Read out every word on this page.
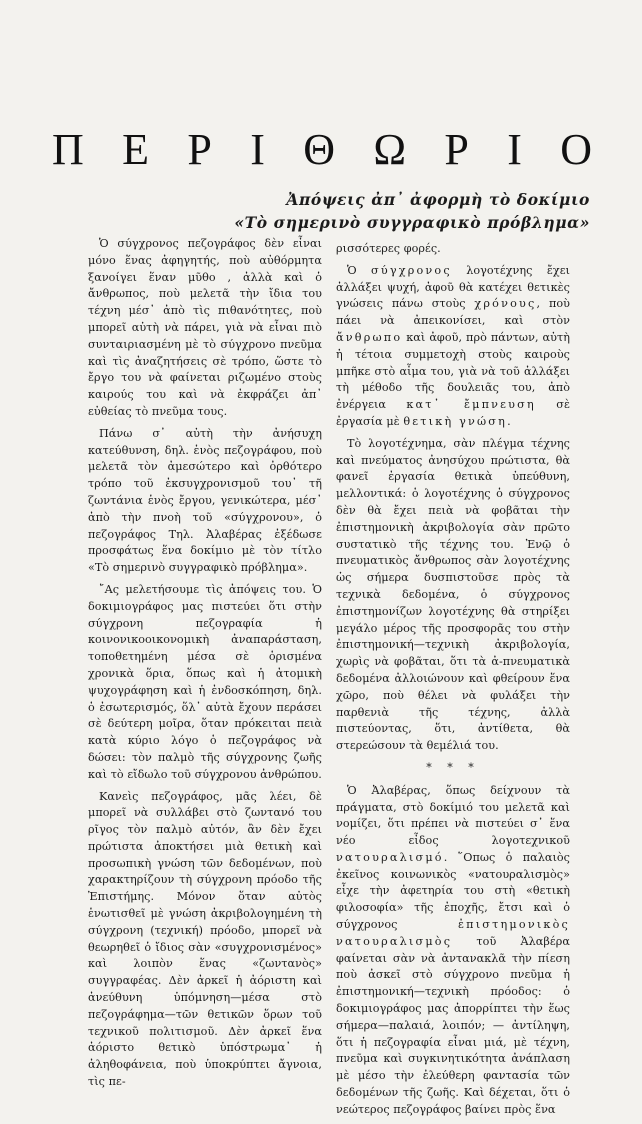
Π Ε Ρ Ι Θ Ω Ρ Ι Ο
Ἀπόψεις ἀπ᾽ ἀφορμὴ τὸ δοκίμιο
«Τὸ σημερινὸ συγγραφικὸ πρόβλημα»

Ὁ σύγχρονος πεζογράφος δὲν εἶναι μόνο ἕνας ἀφηγητής, ποὺ αὐθόρμητα ξανοίγει ἕναν μῦθο , ἀλλὰ καὶ ὁ ἄνθρωπος, ποὺ μελετᾶ τὴν ἴδια του τέχνη μέσ᾽ ἀπὸ τὶς πιθανότητες, ποὺ μπορεῖ αὐτὴ νὰ πάρει, γιὰ νὰ εἶναι πιὸ συνταιριασμένη μὲ τὸ σύγχρονο πνεῦμα καὶ τὶς ἀναζητήσεις σὲ τρόπο, ὥστε τὸ ἔργο του νὰ φαίνεται ριζωμένο στοὺς καιρούς του καὶ νὰ ἐκφράζει ἀπ᾽ εὐθείας τὸ πνεῦμα τους.

Πάνω σ᾽ αὐτὴ τὴν ἀνήσυχη κατεύθυνση, δηλ. ἑνὸς πεζογράφου, ποὺ μελετᾶ τὸν ἀμεσώτερο καὶ ὀρθότερο τρόπο τοῦ ἐκσυγχρονισμοῦ του᾽ τῆ ζωντάνια ἑνὸς ἔργου, γενικώτερα, μέσ᾽ ἀπὸ τὴν πνοὴ τοῦ «σύγχρονου», ὁ πεζογράφος Τηλ. Ἀλαβέρας ἐξέδωσε προσφάτως ἕνα δοκίμιο μὲ τὸν τίτλο «Τὸ σημερινὸ συγγραφικὸ πρόβλημα».

῎Ας μελετήσουμε τὶς ἀπόψεις του. Ὁ δοκιμιογράφος μας πιστεύει ὅτι στὴν σύγχρονη πεζογραφία ἡ κοινονικοοικονομικὴ ἀναπαράσταση, τοποθετημένη μέσα σὲ ὁρισμένα χρονικὰ ὅρια, ὅπως καὶ ἡ ἀτομικὴ ψυχογράφηση καὶ ἡ ἐνδοσκόπηση, δηλ. ὁ ἐσωτερισμός, ὅλ᾽ αὐτὰ ἔχουν περάσει σὲ δεύτερη μοῖρα, ὅταν πρόκειται πειὰ κατὰ κύριο λόγο ὁ πεζογράφος νὰ δώσει: τὸν παλμὸ τῆς σύγχρονης ζωῆς καὶ τὸ εἴδωλο τοῦ σύγχρονου ἀνθρώπου.

Κανεὶς πεζογράφος, μᾶς λέει, δὲ μπορεῖ νὰ συλλάβει στὸ ζωντανό του ρῖγος τὸν παλμὸ αὐτόν, ἂν δὲν ἔχει πρώτιστα ἀποκτήσει μιὰ θετικὴ καὶ προσωπικὴ γνώση τῶν δεδομένων, ποὺ χαρακτηρίζουν τὴ σύγχρονη πρόοδο τῆς Ἐπιστήμης. Μόνον ὅταν αὐτὸς ἑνωτισθεῖ μὲ γνώση ἀκριβολογημένη τὴ σύγχρονη (τεχνική) πρόοδο, μπορεῖ νὰ θεωρηθεῖ ὁ ἴδιος σὰν «συγχρονισμένος» καὶ λοιπὸν ἕνας «ζωντανὸς» συγγραφέας. Δὲν ἀρκεῖ ἡ ἀόριστη καὶ ἀνεύθυνη ὑπόμνηση—μέσα στὸ πεζογράφημα—τῶν θετικῶν ὅρων τοῦ τεχνικοῦ πολιτισμοῦ. Δὲν ἀρκεῖ ἕνα ἀόριστο θετικὸ ὑπόστρωμα᾽ ἡ ἀληθοφάνεια, ποὺ ὑποκρύπτει ἄγνοια, τὶς πε-

ρισσότερες φορές.

Ὁ σύγχρονος λογοτέχνης ἔχει ἀλλάξει ψυχή, ἀφοῦ θὰ κατέχει θετικὲς γνώσεις πάνω στοὺς χρόνους, ποὺ πάει νὰ ἀπεικονίσει, καὶ στὸν ἄνθρωπο καὶ ἀφοῦ, πρὸ πάντων, αὐτὴ ἡ τέτοια συμμετοχὴ στοὺς καιροὺς μπῆκε στὸ αἷμα του, γιὰ νὰ τοῦ ἀλλάξει τὴ μέθοδο τῆς δουλειᾶς του, ἀπὸ ἐνέργεια κατ᾽ ἔμπνευση σὲ ἐργασία μὲ θετικὴ γνώση.

Τὸ λογοτέχνημα, σὰν πλέγμα τέχνης καὶ πνεύματος ἀνησύχου πρώτιστα, θὰ φανεῖ ἐργασία θετικὰ ὑπεύθυνη, μελλοντικά: ὁ λογοτέχνης ὁ σύγχρονος δὲν θὰ ἔχει πειὰ νὰ φοβᾶται τὴν ἐπιστημονικὴ ἀκριβολογία σὰν πρῶτο συστατικὸ τῆς τέχνης του. Ἐνῷ ὁ πνευματικὸς ἄνθρωπος σὰν λογοτέχνης ὡς σήμερα δυσπιστοῦσε πρὸς τὰ τεχνικὰ δεδομένα, ὁ σύγχρονος ἐπιστημονίζων λογοτέχνης θὰ στηρίξει μεγάλο μέρος τῆς προσφορᾶς του στὴν ἐπιστημονική—τεχνικὴ ἀκριβολογία, χωρὶς νὰ φοβᾶται, ὅτι τὰ ἀ-πνευματικὰ δεδομένα ἀλλοιώνουν καὶ φθείρουν ἕνα χῶρο, ποὺ θέλει νὰ φυλάξει τὴν παρθενιὰ τῆς τέχνης, ἀλλὰ πιστεύοντας, ὅτι, ἀντίθετα, θὰ στερεώσουν τὰ θεμέλιά του.

* * *

Ὁ Ἀλαβέρας, ὅπως δείχνουν τὰ πράγματα, στὸ δοκίμιό του μελετᾶ καὶ νομίζει, ὅτι πρέπει νὰ πιστεύει σ᾽ ἕνα νέο εἶδος λογοτεχνικοῦ νατουραλισμό. ῞Οπως ὁ παλαιὸς ἐκεῖνος κοινωνικὸς «νατουραλισμὸς» εἶχε τὴν ἀφετηρία του στὴ «θετικὴ φιλοσοφία» τῆς ἐποχῆς, ἔτσι καὶ ὁ σύγχρονος ἐπιστημονικὸς νατουραλισμὸς τοῦ Ἀλαβέρα φαίνεται σὰν νὰ ἀντανακλᾶ τὴν πίεση ποὺ ἀσκεῖ στὸ σύγχρονο πνεῦμα ἡ ἐπιστημονική—τεχνικὴ πρόοδος: ὁ δοκιμιογράφος μας ἀπορρίπτει τὴν ἕως σήμερα—παλαιά, λοιπόν; — ἀντίληψη, ὅτι ἡ πεζογραφία εἶναι μιά, μὲ τέχνη, πνεῦμα καὶ συγκινητικότητα ἀνάπλαση μὲ μέσο τὴν ἐλεύθερη φαντασία τῶν δεδομένων τῆς ζωῆς. Καὶ δέχεται, ὅτι ὁ νεώτερος πεζογράφος βαίνει πρὸς ἕνα
